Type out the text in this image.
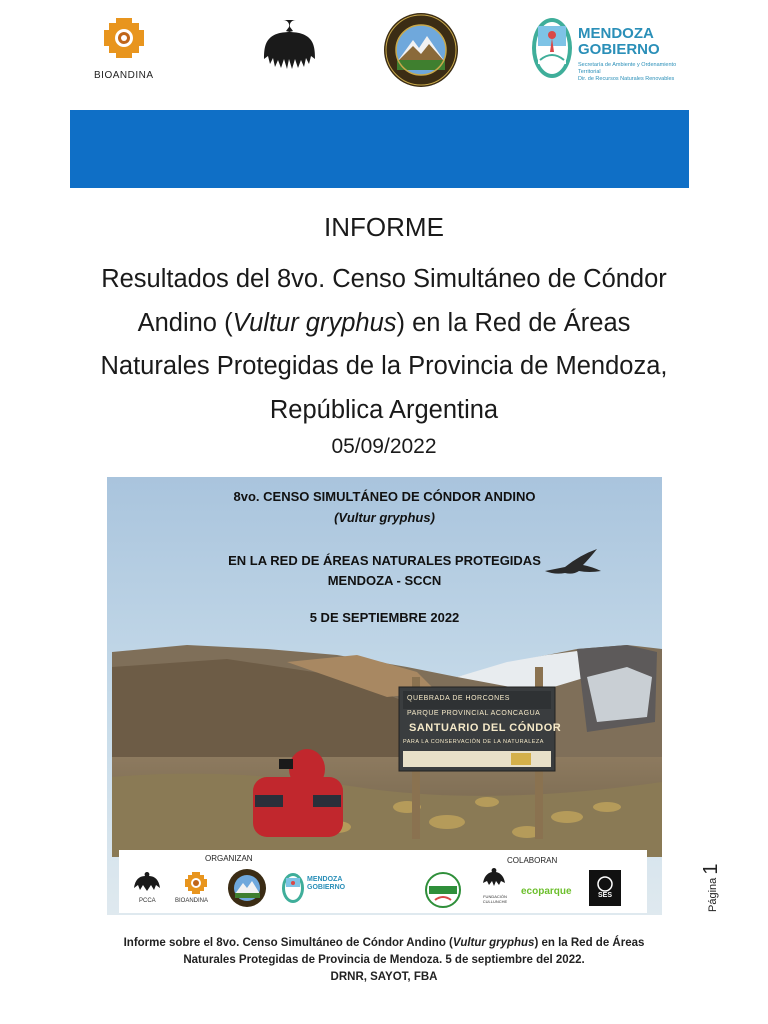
BIOANDINA
MENDOZA
GOBIERNO
Secretaría de Ambiente y Ordenamiento Territorial
Dir. de Recursos Naturales Renovables
INFORME
Resultados del 8vo. Censo Simultáneo de Cóndor Andino (Vultur gryphus) en la Red de Áreas Naturales Protegidas de la Provincia de Mendoza, República Argentina
05/09/2022
8vo. CENSO SIMULTÁNEO DE CÓNDOR ANDINO
(Vultur gryphus)
EN LA RED DE ÁREAS NATURALES PROTEGIDAS
MENDOZA - SCCN
5 DE SEPTIEMBRE 2022
QUEBRADA DE HORCONES
PARQUE PROVINCIAL ACONCAGUA
SANTUARIO DEL CÓNDOR
PARA LA CONSERVACIÓN DE LA NATURALEZA
ORGANIZAN	COLABORAN
PCCA	BIOANDINA
MENDOZA
GOBIERNO
FUNDACIÓN CULLUNCHE
ecoparque	SES
Informe sobre el 8vo. Censo Simultáneo de Cóndor Andino (Vultur gryphus) en la Red de Áreas Naturales Protegidas de Provincia de Mendoza. 5 de septiembre del 2022.
DRNR, SAYOT, FBA
Página 1
